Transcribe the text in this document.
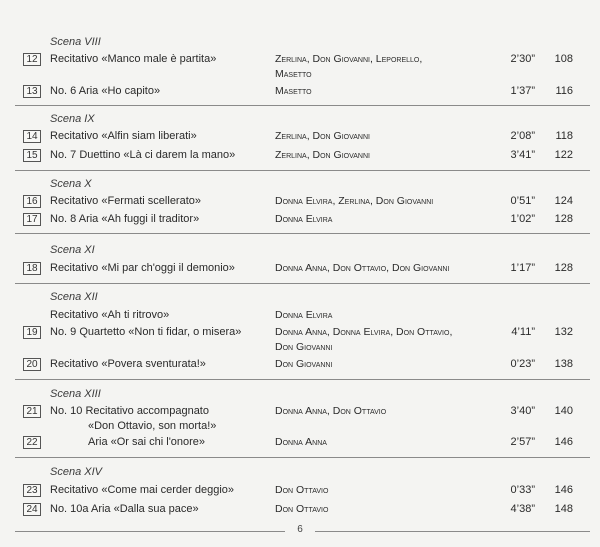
Scena VIII
12	Recitativo «Manco male è partita»	Zerlina, Don Giovanni, Leporello,	2’30”	108
Masetto
13	No. 6 Aria «Ho capito»	Masetto	1’37”	116
Scena IX
14	Recitativo «Alfin siam liberati»	Zerlina, Don Giovanni	2’08”	118
15	No. 7 Duettino «Là ci darem la mano»	Zerlina, Don Giovanni	3’41”	122
Scena X
16	Recitativo «Fermati scellerato»	Donna Elvira, Zerlina, Don Giovanni	0’51”	124
17	No. 8 Aria «Ah fuggi il traditor»	Donna Elvira	1’02”	128
Scena XI
18	Recitativo «Mi par ch'oggi il demonio»	Donna Anna, Don Ottavio, Don Giovanni	1’17”	128
Scena XII
Recitativo «Ah ti ritrovo»	Donna Elvira
19	No. 9 Quartetto «Non ti fidar, o misera»	Donna Anna, Donna Elvira, Don Ottavio,	4’11”	132
Don Giovanni
20	Recitativo «Povera sventurata!»	Don Giovanni	0’23”	138
Scena XIII
21	No. 10 Recitativo accompagnato	Donna Anna, Don Ottavio	3’40”	140
«Don Ottavio, son morta!»
22	Aria «Or sai chi l'onore»	Donna Anna	2’57”	146
Scena XIV
23	Recitativo «Come mai cerder deggio»	Don Ottavio	0’33”	146
24	No. 10a Aria «Dalla sua pace»	Don Ottavio	4’38”	148
6
